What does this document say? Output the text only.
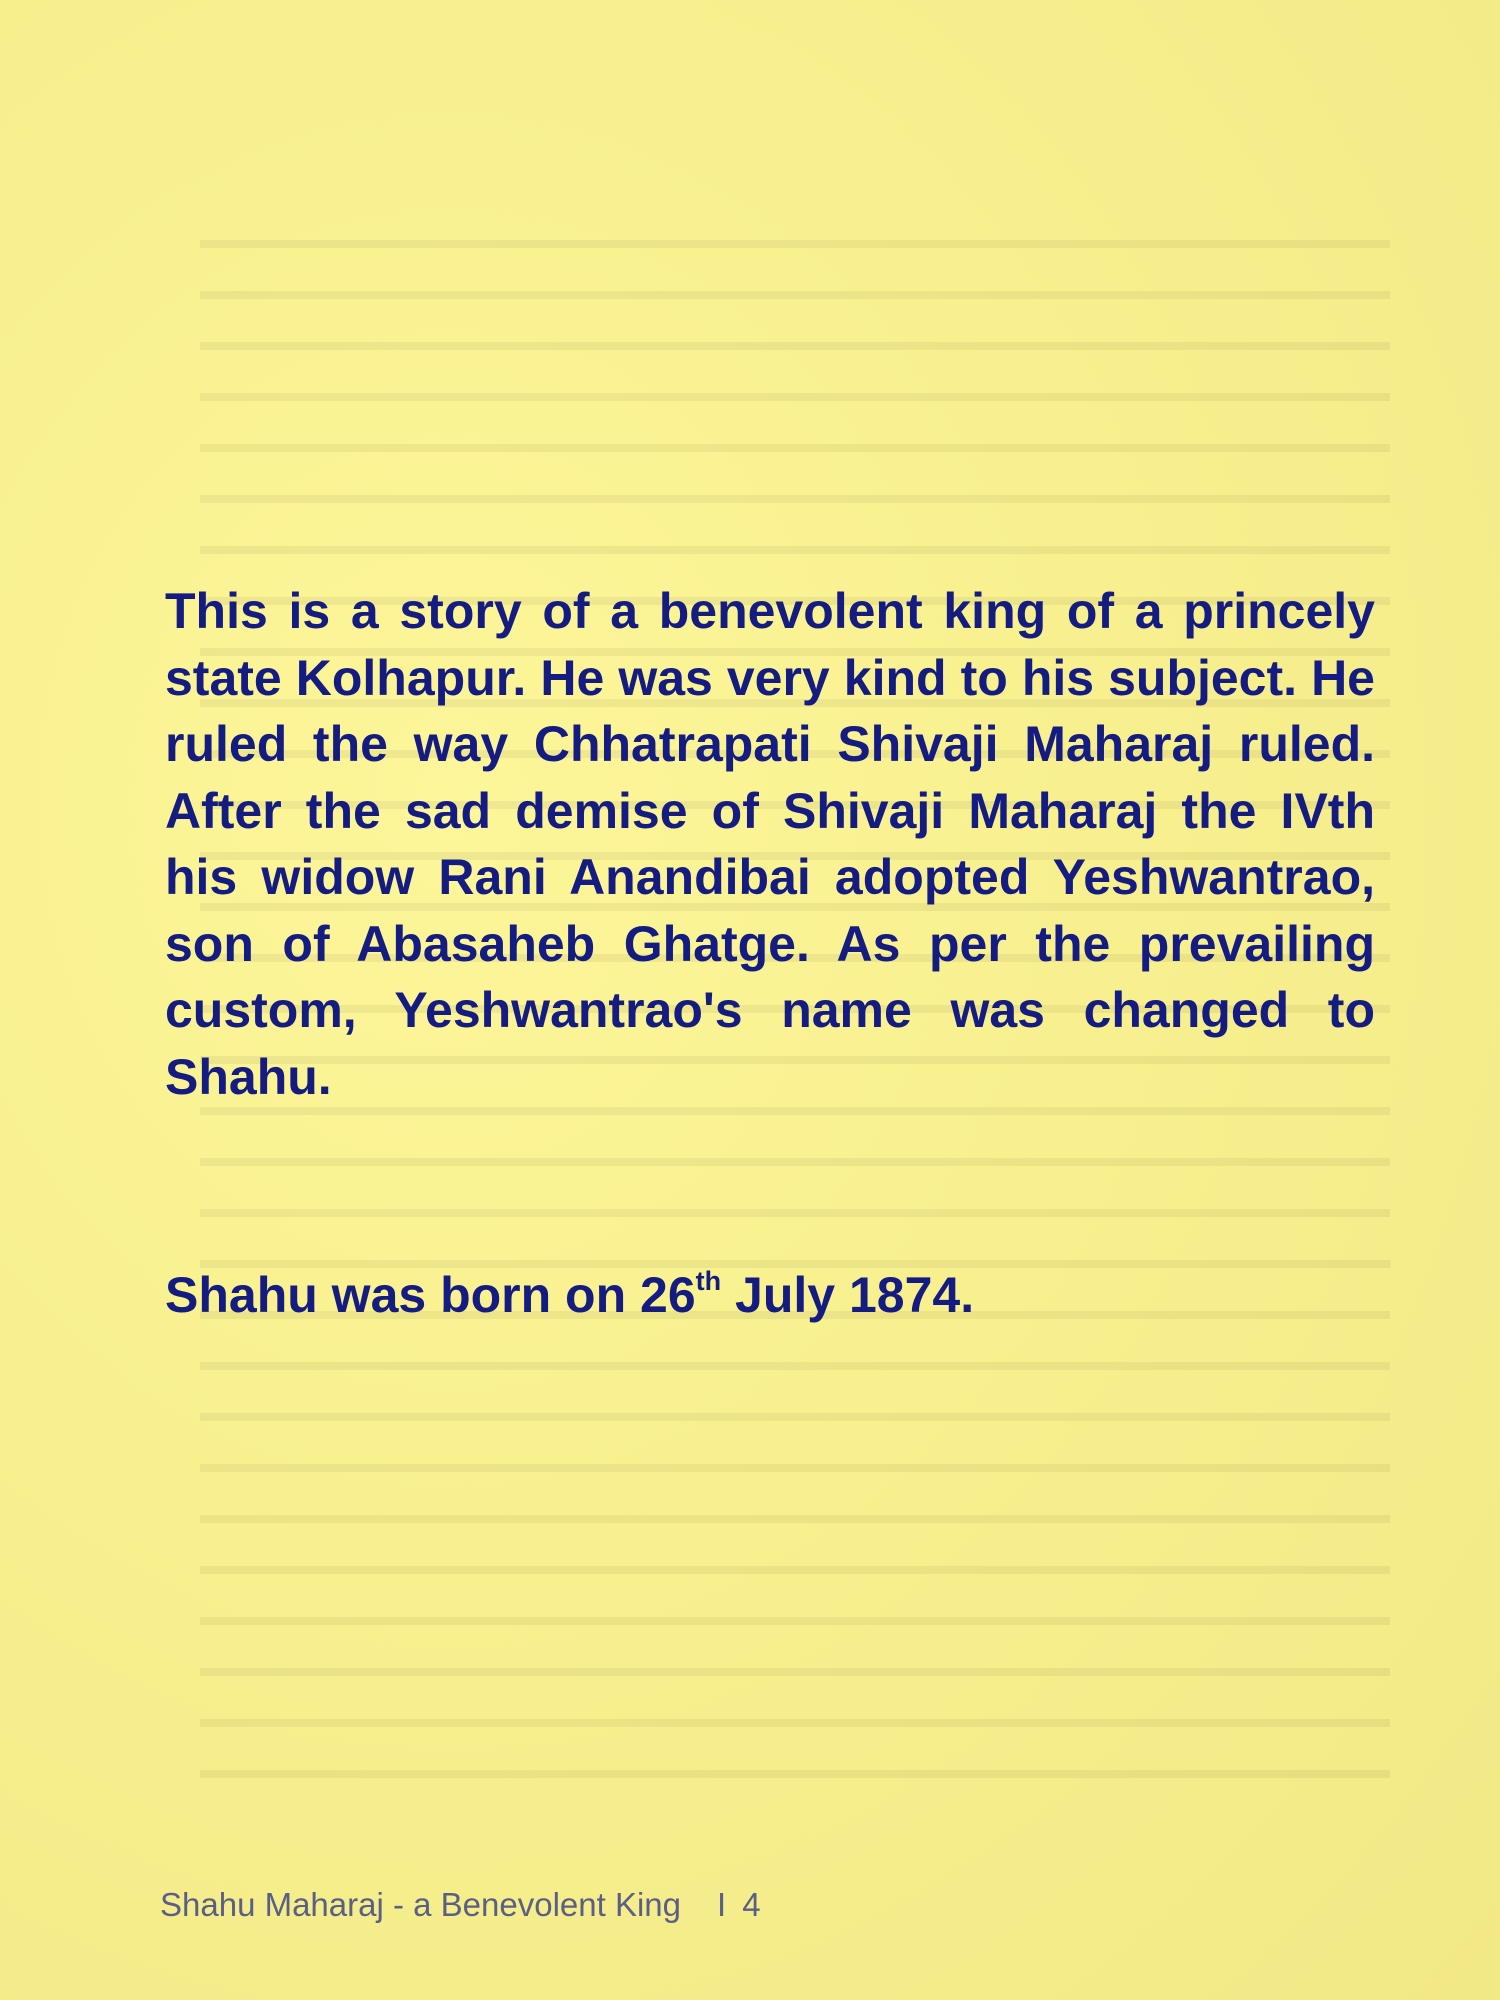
This is a story of a benevolent king of a princely state Kolhapur. He was very kind to his subject. He ruled the way Chhatrapati Shivaji Maharaj ruled. After the sad demise of Shivaji Maharaj the IVth his widow Rani Anandibai adopted Yeshwantrao, son of Abasaheb Ghatge. As per the prevailing custom, Yeshwantrao's name was changed to Shahu.

Shahu was born on 26th July 1874.
Shahu Maharaj - a Benevolent King I 4
